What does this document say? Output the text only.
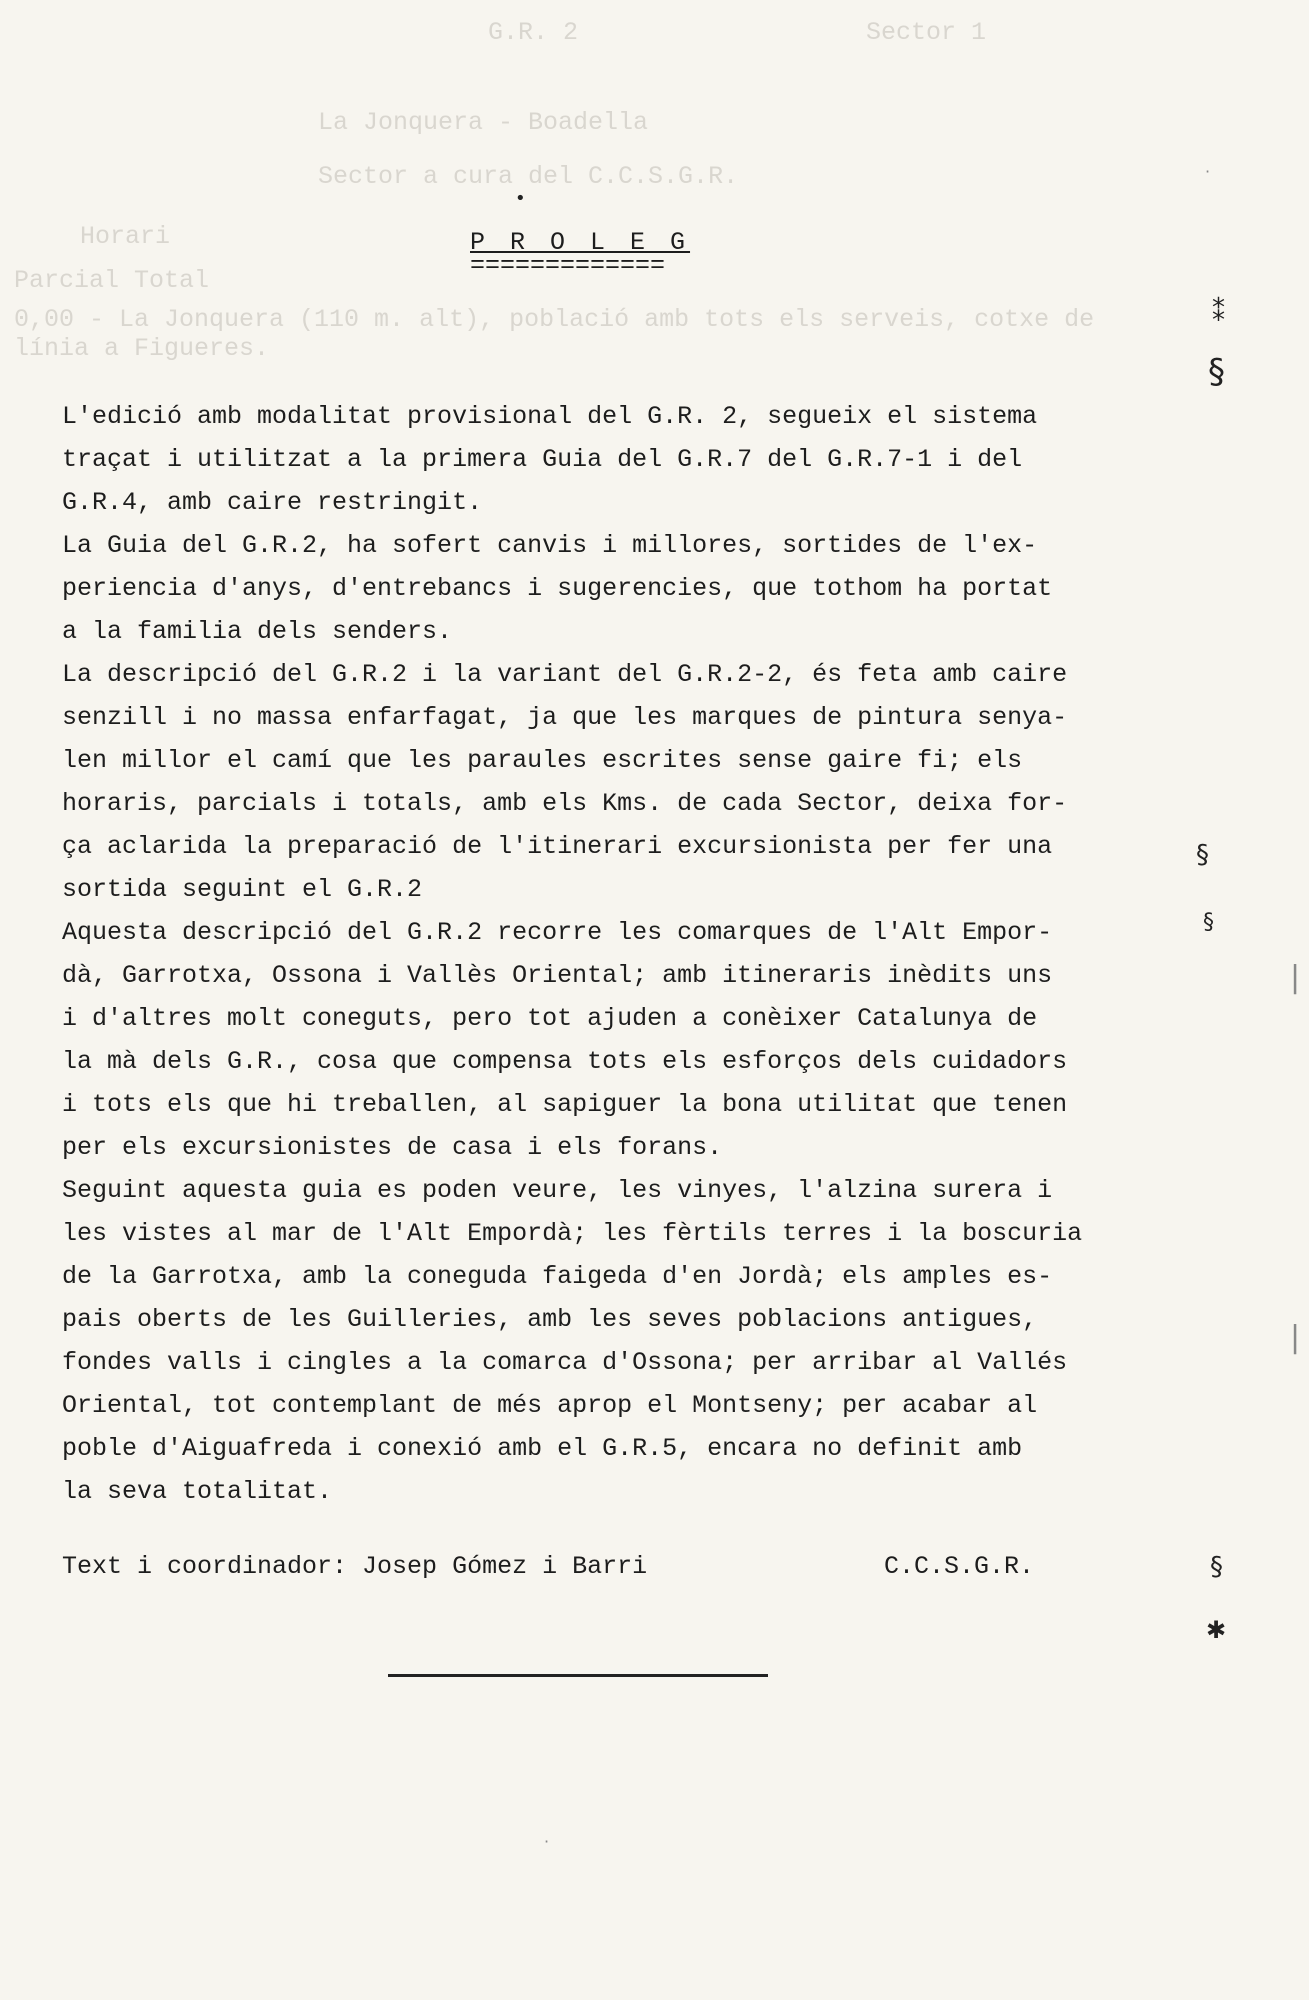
G.R. 2	Sector 1
La Jonquera - Boadella
Sector a cura del C.C.S.G.R.
Horari
Parcial Total
0,00 - La Jonquera (110 m. alt), població amb tots els serveis, cotxe de línia a Figueres.
•
P R O L E G
=============
L'edició amb modalitat provisional del G.R. 2, segueix el sistema
traçat i utilitzat a la primera Guia del G.R.7 del G.R.7-1 i del
G.R.4, amb caire restringit.
La Guia del G.R.2, ha sofert canvis i millores, sortides de l'ex-
periencia d'anys, d'entrebancs i sugerencies, que tothom ha portat
a la familia dels senders.
La descripció del G.R.2 i la variant del G.R.2-2, és feta amb caire
senzill i no massa enfarfagat, ja que les marques de pintura senya-
len millor el camí que les paraules escrites sense gaire fi; els
horaris, parcials i totals, amb els Kms. de cada Sector, deixa for-
ça aclarida la preparació de l'itinerari excursionista per fer una
sortida seguint el G.R.2
Aquesta descripció del G.R.2 recorre les comarques de l'Alt Empor-
dà, Garrotxa, Ossona i Vallès Oriental; amb itineraris inèdits uns
i d'altres molt coneguts, pero tot ajuden a conèixer Catalunya de
la mà dels G.R., cosa que compensa tots els esforços dels cuidadors
i tots els que hi treballen, al sapiguer la bona utilitat que tenen
per els excursionistes de casa i els forans.
Seguint aquesta guia es poden veure, les vinyes, l'alzina surera i
les vistes al mar de l'Alt Empordà; les fèrtils terres i la boscuria
de la Garrotxa, amb la coneguda faigeda d'en Jordà; els amples es-
pais oberts de les Guilleries, amb les seves poblacions antigues,
fondes valls i cingles a la comarca d'Ossona; per arribar al Vallés
Oriental, tot contemplant de més aprop el Montseny; per acabar al
poble d'Aiguafreda i conexió amb el G.R.5, encara no definit amb
la seva totalitat.
Text i coordinador: Josep Gómez i Barri	C.C.S.G.R.
⁑
§
§
§
§
✱
|
|
·
·
